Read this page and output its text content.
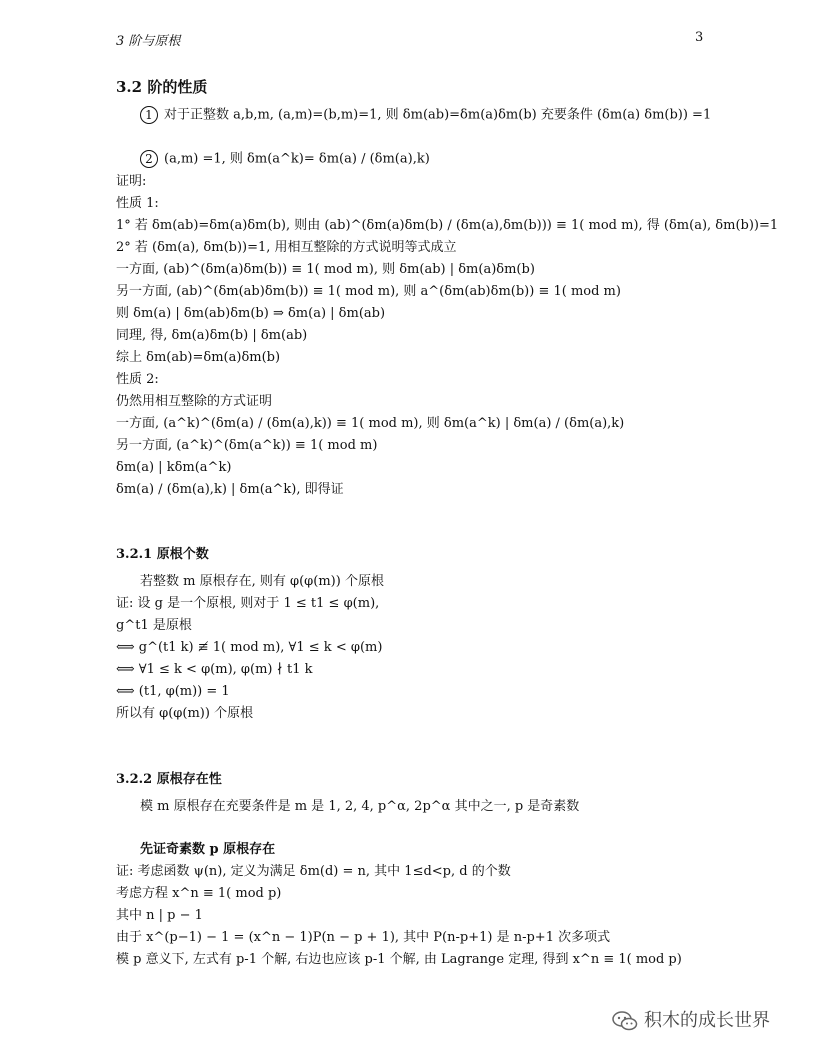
3 阶与原根	3
3.2 阶的性质
1 对于正整数 a,b,m, (a,m)=(b,m)=1, 则 δm(ab)=δm(a)δm(b) 充要条件 (δm(a) δm(b)) =1
2 (a,m) =1, 则 δm(a^k)= δm(a) / (δm(a),k)
证明:
性质 1:
1° 若 δm(ab)=δm(a)δm(b), 则由 (ab)^(δm(a)δm(b) / (δm(a),δm(b))) ≡ 1( mod m), 得 (δm(a), δm(b))=1
2° 若 (δm(a), δm(b))=1, 用相互整除的方式说明等式成立
一方面, (ab)^(δm(a)δm(b)) ≡ 1( mod m), 则 δm(ab) | δm(a)δm(b)
另一方面, (ab)^(δm(ab)δm(b)) ≡ 1( mod m), 则 a^(δm(ab)δm(b)) ≡ 1( mod m)
则 δm(a) | δm(ab)δm(b) ⇒ δm(a) | δm(ab)
同理, 得, δm(a)δm(b) | δm(ab)
综上 δm(ab)=δm(a)δm(b)
性质 2:
仍然用相互整除的方式证明
一方面, (a^k)^(δm(a) / (δm(a),k)) ≡ 1( mod m), 则 δm(a^k) | δm(a) / (δm(a),k)
另一方面, (a^k)^(δm(a^k)) ≡ 1( mod m)
δm(a) | kδm(a^k)
δm(a) / (δm(a),k) | δm(a^k), 即得证
3.2.1 原根个数
若整数 m 原根存在, 则有 φ(φ(m)) 个原根
证: 设 g 是一个原根, 则对于 1 ≤ t1 ≤ φ(m),
g^t1 是原根
⟺ g^(t1 k) ≢ 1( mod m), ∀1 ≤ k < φ(m)
⟺ ∀1 ≤ k < φ(m), φ(m) ∤ t1 k
⟺ (t1, φ(m)) = 1
所以有 φ(φ(m)) 个原根
3.2.2 原根存在性
模 m 原根存在充要条件是 m 是 1, 2, 4, p^α, 2p^α 其中之一, p 是奇素数
先证奇素数 p 原根存在
证: 考虑函数 ψ(n), 定义为满足 δm(d) = n, 其中 1≤d<p, d 的个数
考虑方程 x^n ≡ 1( mod p)
其中 n | p − 1
由于 x^(p−1) − 1 = (x^n − 1)P(n − p + 1), 其中 P(n-p+1) 是 n-p+1 次多项式
模 p 意义下, 左式有 p-1 个解, 右边也应该 p-1 个解, 由 Lagrange 定理, 得到 x^n ≡ 1( mod p)
积木的成长世界
